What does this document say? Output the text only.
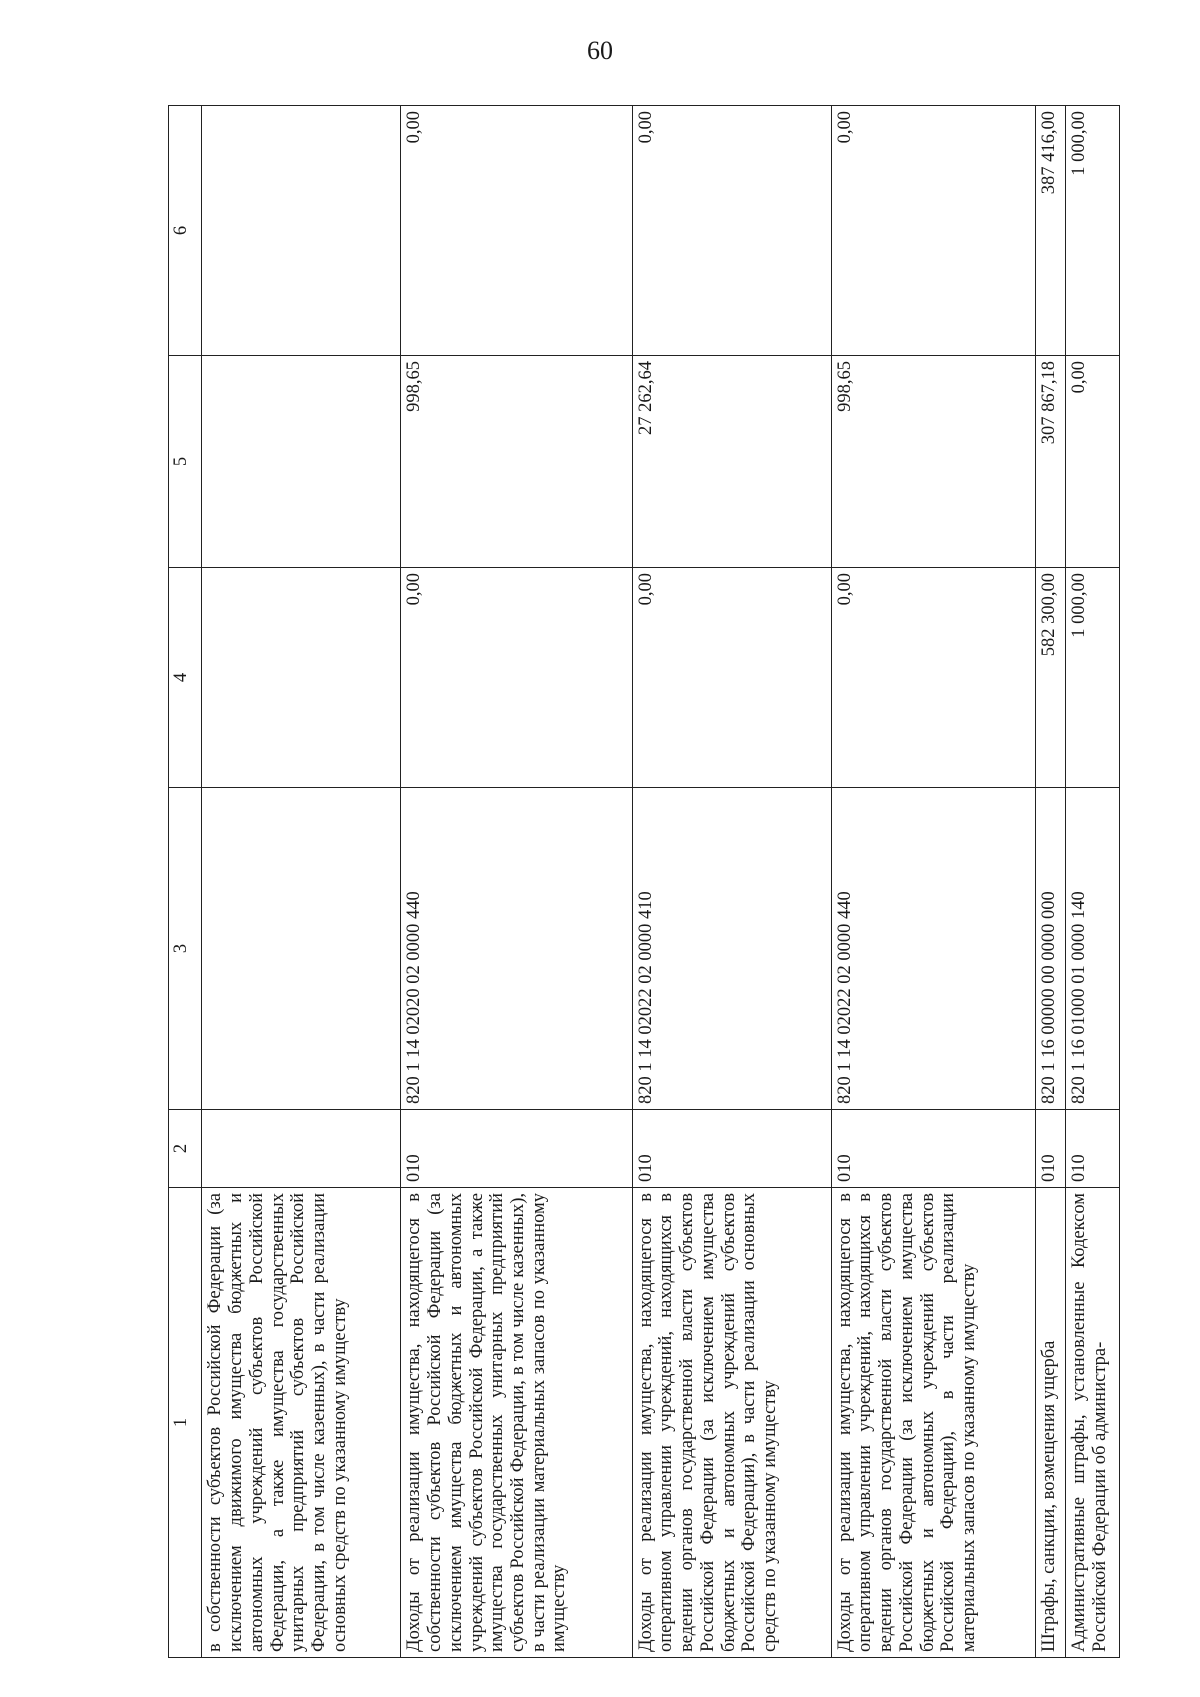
60
1	2	3	4	5	6
в собственности субъектов Российской Федерации (за исключением движимого имущества бюджетных и автономных учреждений субъектов Российской Федерации, а также имущества государственных унитарных предприятий субъектов Российской Федерации, в том числе казенных), в части реализации основных средств по указанному имуществу					
Доходы от реализации имущества, находящегося в собственности субъектов Российской Федерации (за исключением имущества бюджетных и автономных учреждений субъектов Российской Федерации, а также имущества государственных унитарных предприятий субъектов Российской Федерации, в том числе казенных), в части реализации материальных запасов по указанному имуществу	010	820 1 14 02020 02 0000 440	0,00	998,65	0,00
Доходы от реализации имущества, находящегося в оперативном управлении учреждений, находящихся в ведении органов государственной власти субъектов Российской Федерации (за исключением имущества бюджетных и автономных учреждений субъектов Российской Федерации), в части реализации основных средств по указанному имуществу	010	820 1 14 02022 02 0000 410	0,00	27 262,64	0,00
Доходы от реализации имущества, находящегося в оперативном управлении учреждений, находящихся в ведении органов государственной власти субъектов Российской Федерации (за исключением имущества бюджетных и автономных учреждений субъектов Российской Федерации), в части реализации материальных запасов по указанному имуществу	010	820 1 14 02022 02 0000 440	0,00	998,65	0,00
Штрафы, санкции, возмещения ущерба	010	820 1 16 00000 00 0000 000	582 300,00	307 867,18	387 416,00
Административные штрафы, установленные Кодексом Российской Федерации об администра-	010	820 1 16 01000 01 0000 140	1 000,00	0,00	1 000,00
